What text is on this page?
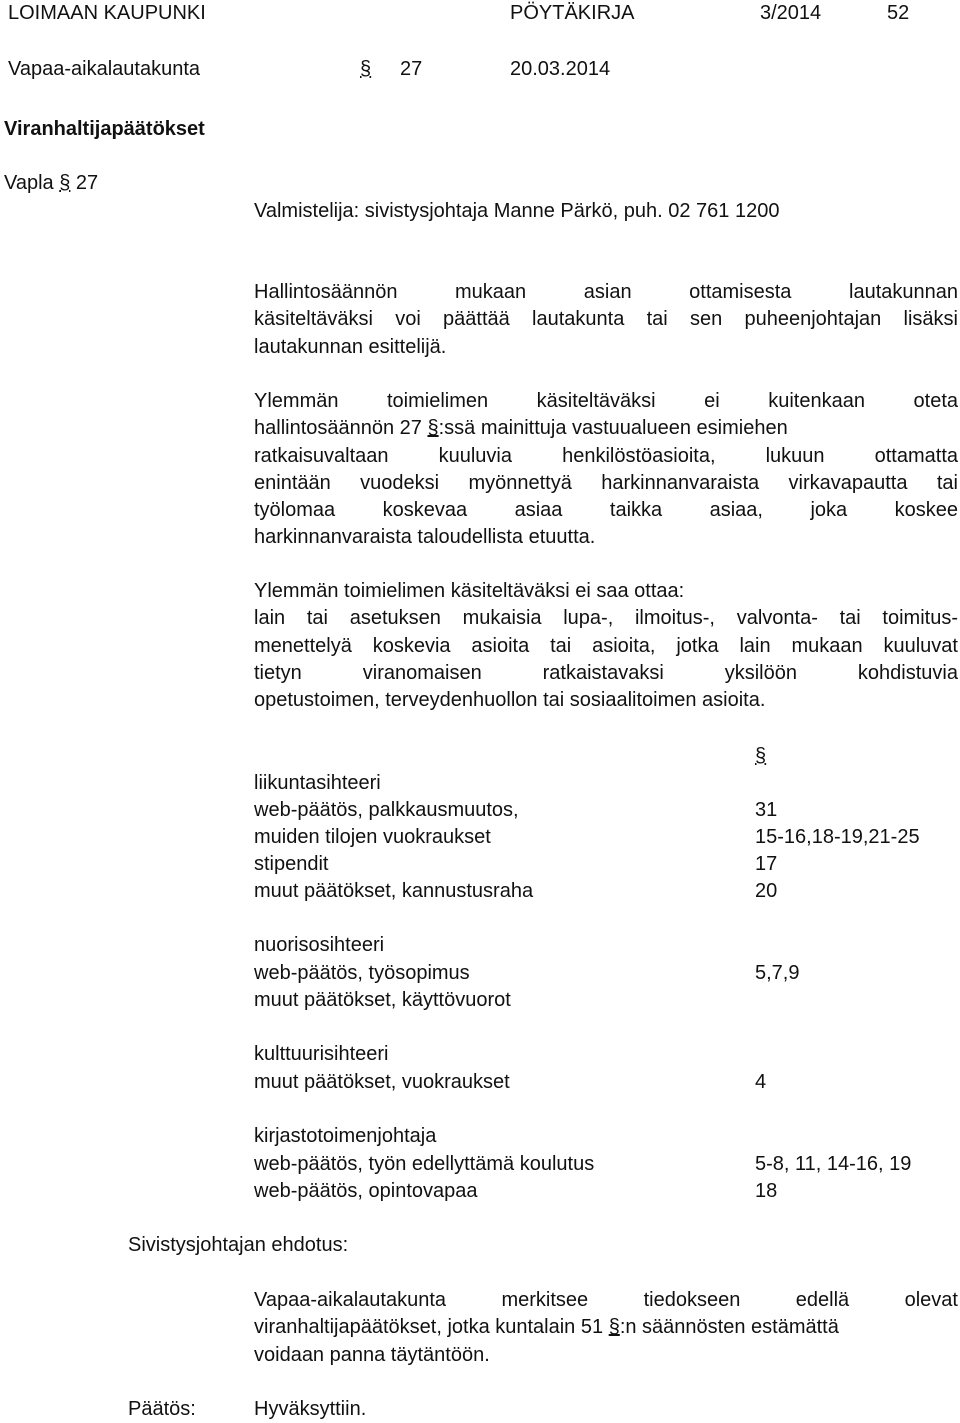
LOIMAAN KAUPUNKI	PÖYTÄKIRJA	3/2014	52
Vapaa-aikalautakunta	§ 27	20.03.2014
Viranhaltijapäätökset
Vapla § 27
Valmistelija: sivistysjohtaja Manne Pärkö, puh. 02 761 1200
Hallintosäännön mukaan asian ottamisesta lautakunnan
käsiteltäväksi voi päättää lautakunta tai sen puheenjohtajan lisäksi
lautakunnan esittelijä.
Ylemmän toimielimen käsiteltäväksi ei kuitenkaan oteta
hallintosäännön 27 §:ssä mainittuja vastuualueen esimiehen
ratkaisuvaltaan kuuluvia henkilöstöasioita, lukuun ottamatta
enintään vuodeksi myönnettyä harkinnanvaraista virkavapautta tai
työlomaa koskevaa asiaa taikka asiaa, joka koskee
harkinnanvaraista taloudellista etuutta.
Ylemmän toimielimen käsiteltäväksi ei saa ottaa:
lain tai asetuksen mukaisia lupa-, ilmoitus-, valvonta- tai toimitus-
menettelyä koskevia asioita tai asioita, jotka lain mukaan kuuluvat
tietyn viranomaisen ratkaistavaksi yksilöön kohdistuvia
opetustoimen, terveydenhuollon tai sosiaalitoimen asioita.
§
liikuntasihteeri
web-päätös, palkkausmuutos,	31
muiden tilojen vuokraukset	15-16,18-19,21-25
stipendit	17
muut päätökset, kannustusraha	20
nuorisosihteeri
web-päätös, työsopimus	5,7,9
muut päätökset, käyttövuorot
kulttuurisihteeri
muut päätökset, vuokraukset	4
kirjastotoimenjohtaja
web-päätös, työn edellyttämä koulutus	5-8, 11, 14-16, 19
web-päätös, opintovapaa	18
Sivistysjohtajan ehdotus:
Vapaa-aikalautakunta merkitsee tiedokseen edellä olevat
viranhaltijapäätökset, jotka kuntalain 51 §:n säännösten estämättä
voidaan panna täytäntöön.
Päätös:	Hyväksyttiin.
